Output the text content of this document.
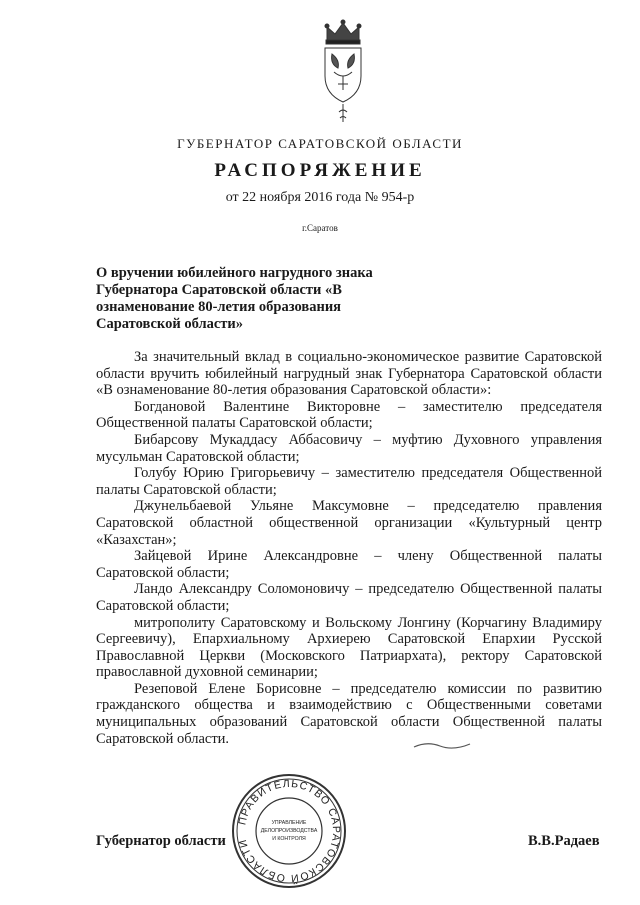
ГУБЕРНАТОР САРАТОВСКОЙ ОБЛАСТИ
РАСПОРЯЖЕНИЕ
от 22 ноября 2016 года № 954-р
г.Саратов
О вручении юбилейного нагрудного знака Губернатора Саратовской области «В ознаменование 80-летия образования Саратовской области»

За значительный вклад в социально-экономическое развитие Саратовской области вручить юбилейный нагрудный знак Губернатора Саратовской области «В ознаменование 80-летия образования Саратовской области»:

Богдановой Валентине Викторовне – заместителю председателя Общественной палаты Саратовской области;

Бибарсову Мукаддасу Аббасовичу – муфтию Духовного управления мусульман Саратовской области;

Голубу Юрию Григорьевичу – заместителю председателя Общественной палаты Саратовской области;

Джунельбаевой Ульяне Максумовне – председателю правления Саратовской областной общественной организации «Культурный центр «Казахстан»;

Зайцевой Ирине Александровне – члену Общественной палаты Саратовской области;

Ландо Александру Соломоновичу – председателю Общественной палаты Саратовской области;

митрополиту Саратовскому и Вольскому Лонгину (Корчагину Владимиру Сергеевичу), Епархиальному Архиерею Саратовской Епархии Русской Православной Церкви (Московского Патриархата), ректору Саратовской православной духовной семинарии;

Резеповой Елене Борисовне – председателю комиссии по развитию гражданского общества и взаимодействию с Общественными советами муниципальных образований Саратовской области Общественной палаты Саратовской области.

Губернатор области
ПРАВИТЕЛЬСТВО САРАТОВСКОЙ ОБЛАСТИ
УПРАВЛЕНИЕ
ДЕЛОПРОИЗВОДСТВА
И КОНТРОЛЯ	В.В.Радаев
